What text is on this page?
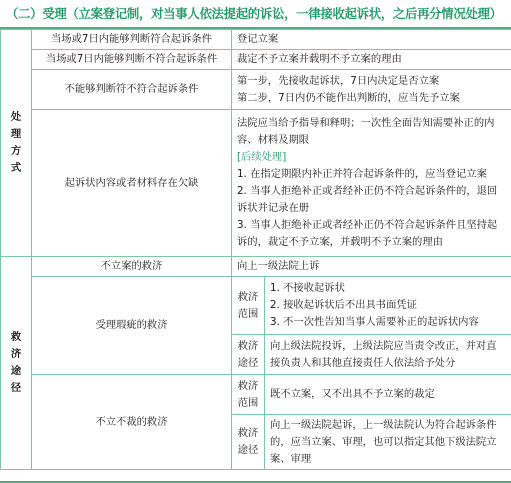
（二）受理（立案登记制，对当事人依法提起的诉讼，一律接收起诉状，之后再分情况处理）
处理
方式	当场或7日内能够判断符合起诉条件	登记立案	
	当场或7日内能够判断不符合起诉条件	裁定不予立案并载明不予立案的理由	
	不能够判断符不符合起诉条件	第一步，先接收起诉状，7日内决定是否立案
第二步，7日内仍不能作出判断的，应当先予立案	

	起诉状内容或者材料存在欠缺	法院应当给予指导和释明；一次性全面告知需要补正的内容、材料及期限
[后续处理]
1. 在指定期限内补正并符合起诉条件的，应当登记立案
2. 当事人拒绝补正或者经补正仍不符合起诉条件的，退回诉状并记录在册
3. 当事人拒绝补正或者经补正仍不符合起诉条件且坚持起诉的，裁定不予立案，并载明不予立案的理由	

救济
途径	不立案的救济	向上一级法院上诉	
	受理瑕疵的救济	救济
范围	1. 不接收起诉状
2. 接收起诉状后不出具书面凭证
3. 不一次性告知当事人需要补正的起诉状内容

		救济
途径	向上级法院投诉，上级法院应当责令改正，并对直接负责人和其他直接责任人依法给予处分
	不立不裁的救济	救济
范围	既不立案，又不出具不予立案的裁定
		救济
途径	向上一级法院起诉，上一级法院认为符合起诉条件的，应当立案、审理，也可以指定其他下级法院立案、审理
